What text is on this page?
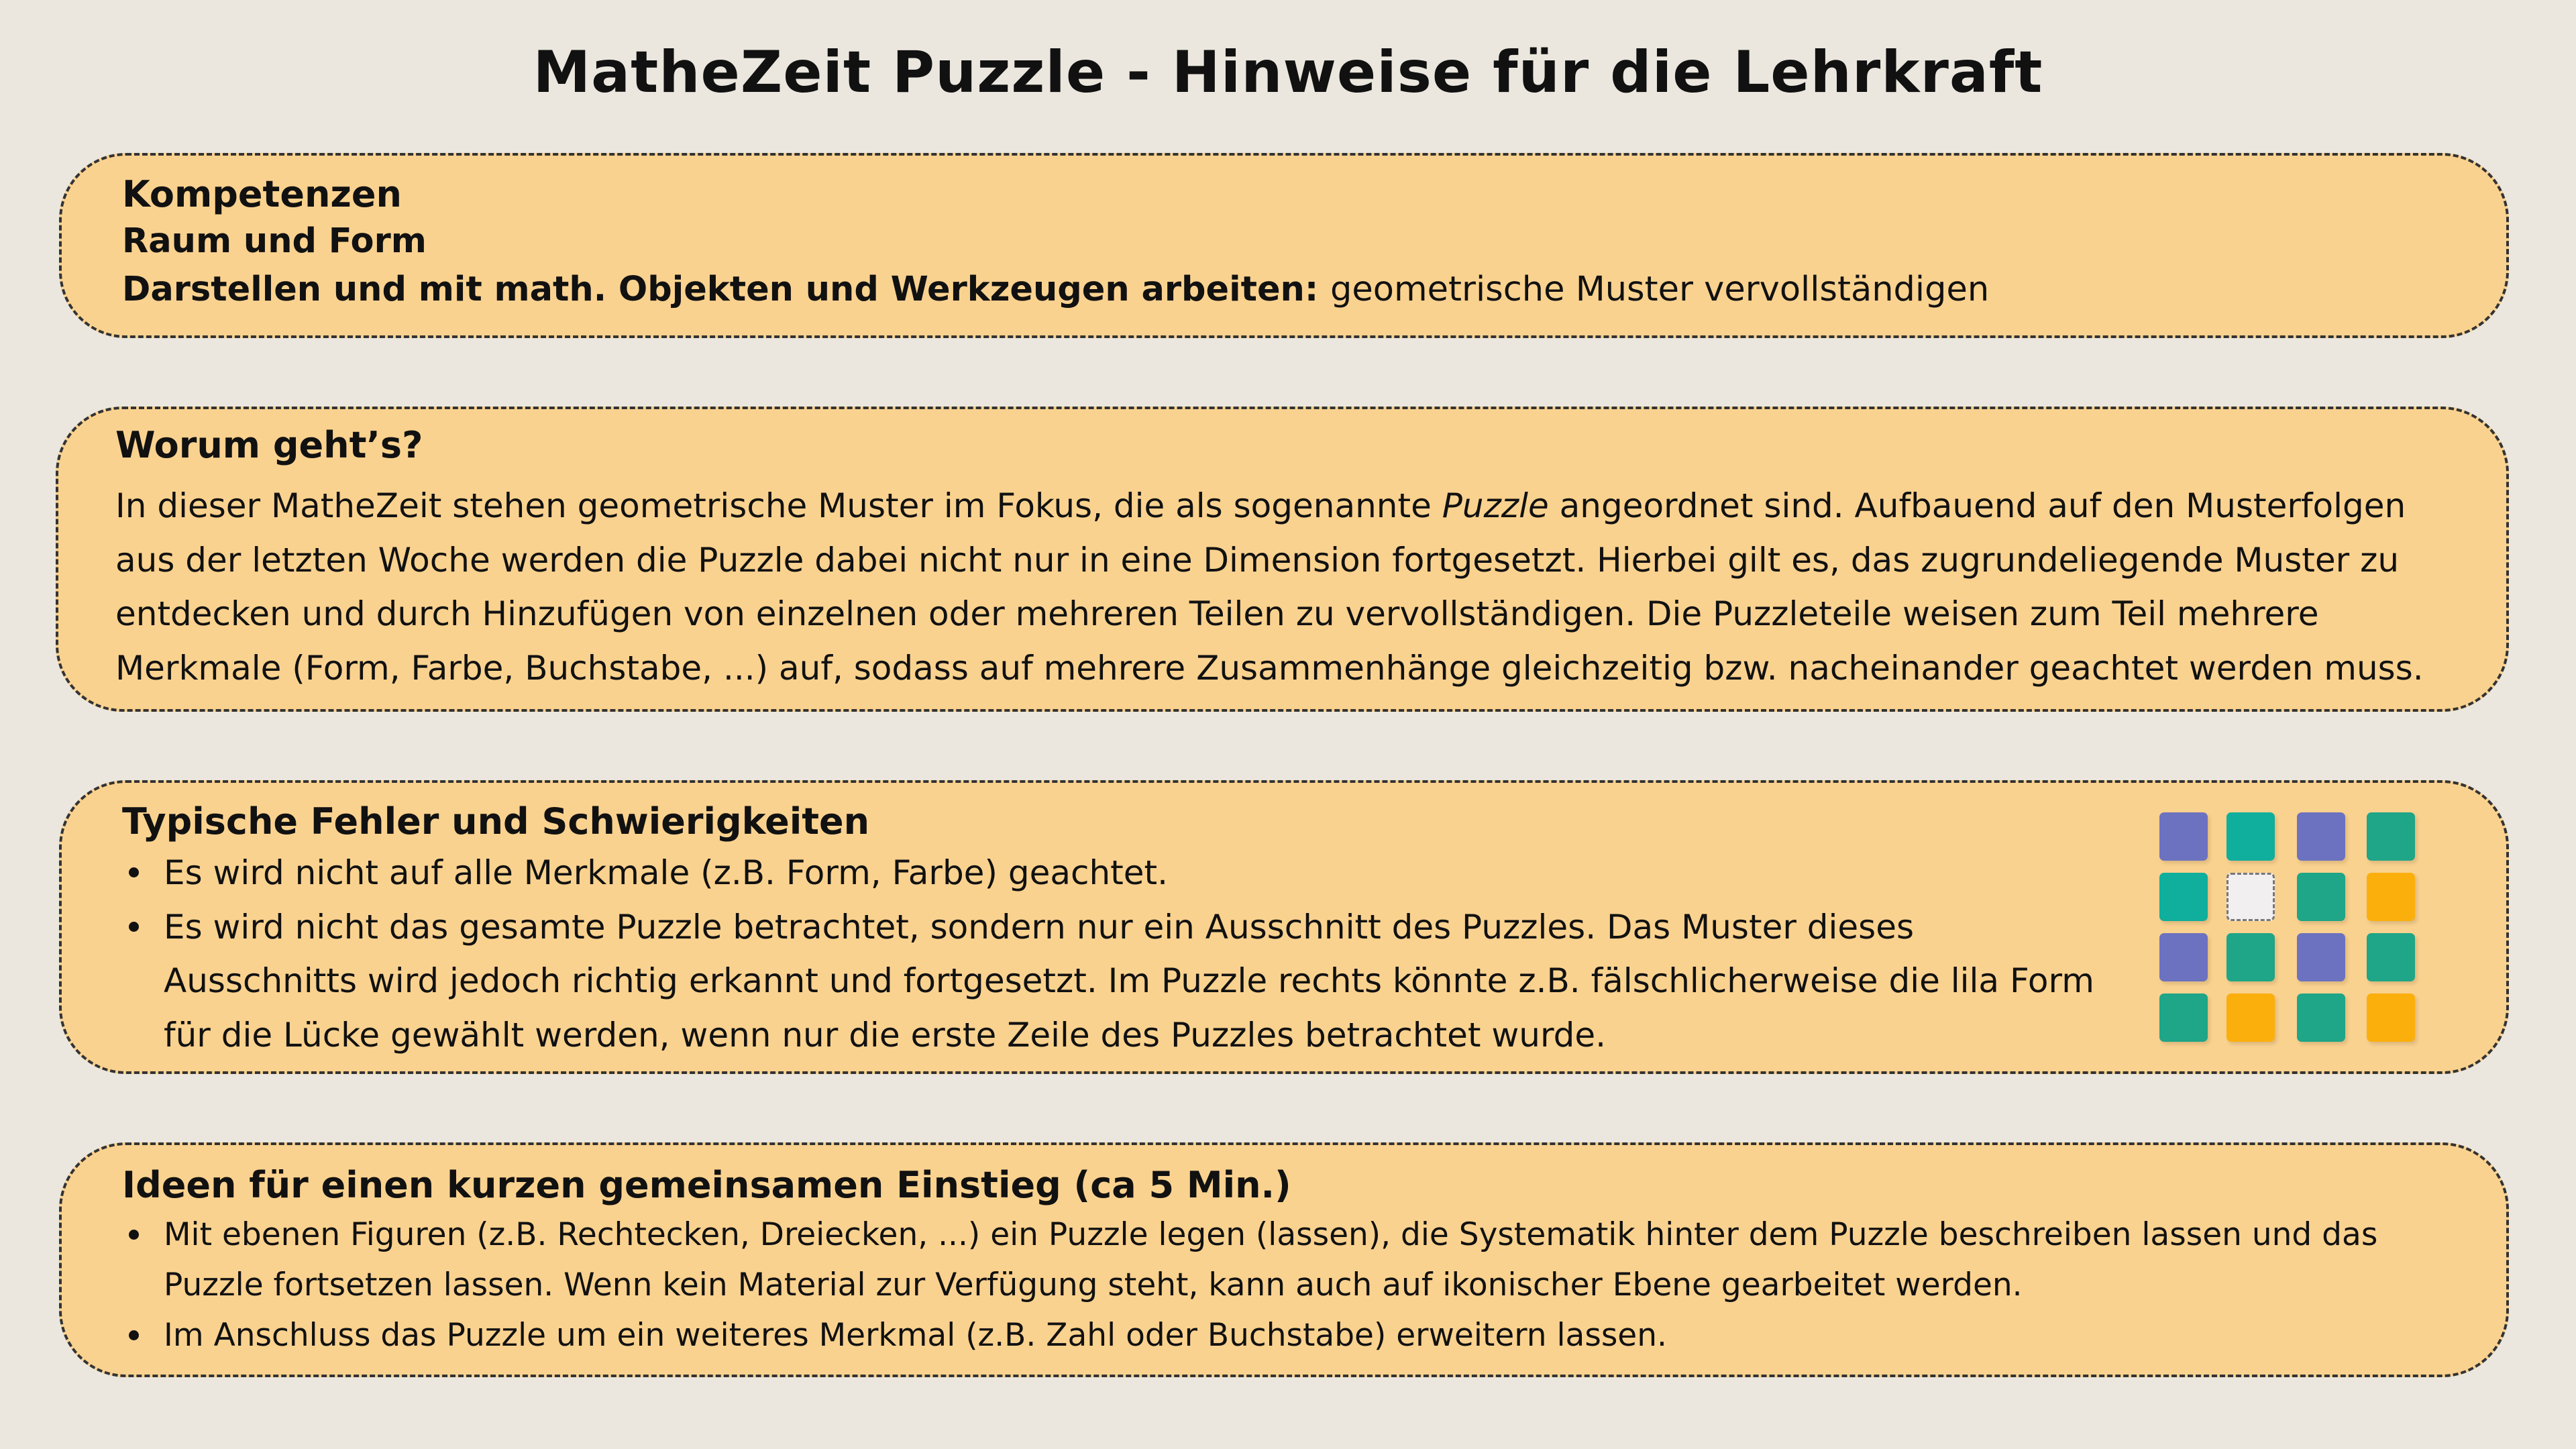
MatheZeit Puzzle - Hinweise für die Lehrkraft
Kompetenzen
Raum und Form
Darstellen und mit math. Objekten und Werkzeugen arbeiten: geometrische Muster vervollständigen
Worum geht’s?
In dieser MatheZeit stehen geometrische Muster im Fokus, die als sogenannte Puzzle angeordnet sind. Aufbauend auf den Musterfolgen
aus der letzten Woche werden die Puzzle dabei nicht nur in eine Dimension fortgesetzt. Hierbei gilt es, das zugrundeliegende Muster zu
entdecken und durch Hinzufügen von einzelnen oder mehreren Teilen zu vervollständigen. Die Puzzleteile weisen zum Teil mehrere
Merkmale (Form, Farbe, Buchstabe, ...) auf, sodass auf mehrere Zusammenhänge gleichzeitig bzw. nacheinander geachtet werden muss.
Typische Fehler und Schwierigkeiten
Es wird nicht auf alle Merkmale (z.B. Form, Farbe) geachtet.
Es wird nicht das gesamte Puzzle betrachtet, sondern nur ein Ausschnitt des Puzzles. Das Muster dieses
Ausschnitts wird jedoch richtig erkannt und fortgesetzt. Im Puzzle rechts könnte z.B. fälschlicherweise die lila Form
für die Lücke gewählt werden, wenn nur die erste Zeile des Puzzles betrachtet wurde.
Ideen für einen kurzen gemeinsamen Einstieg (ca 5 Min.)
Mit ebenen Figuren (z.B. Rechtecken, Dreiecken, ...) ein Puzzle legen (lassen), die Systematik hinter dem Puzzle beschreiben lassen und das
Puzzle fortsetzen lassen. Wenn kein Material zur Verfügung steht, kann auch auf ikonischer Ebene gearbeitet werden.
Im Anschluss das Puzzle um ein weiteres Merkmal (z.B. Zahl oder Buchstabe) erweitern lassen.
